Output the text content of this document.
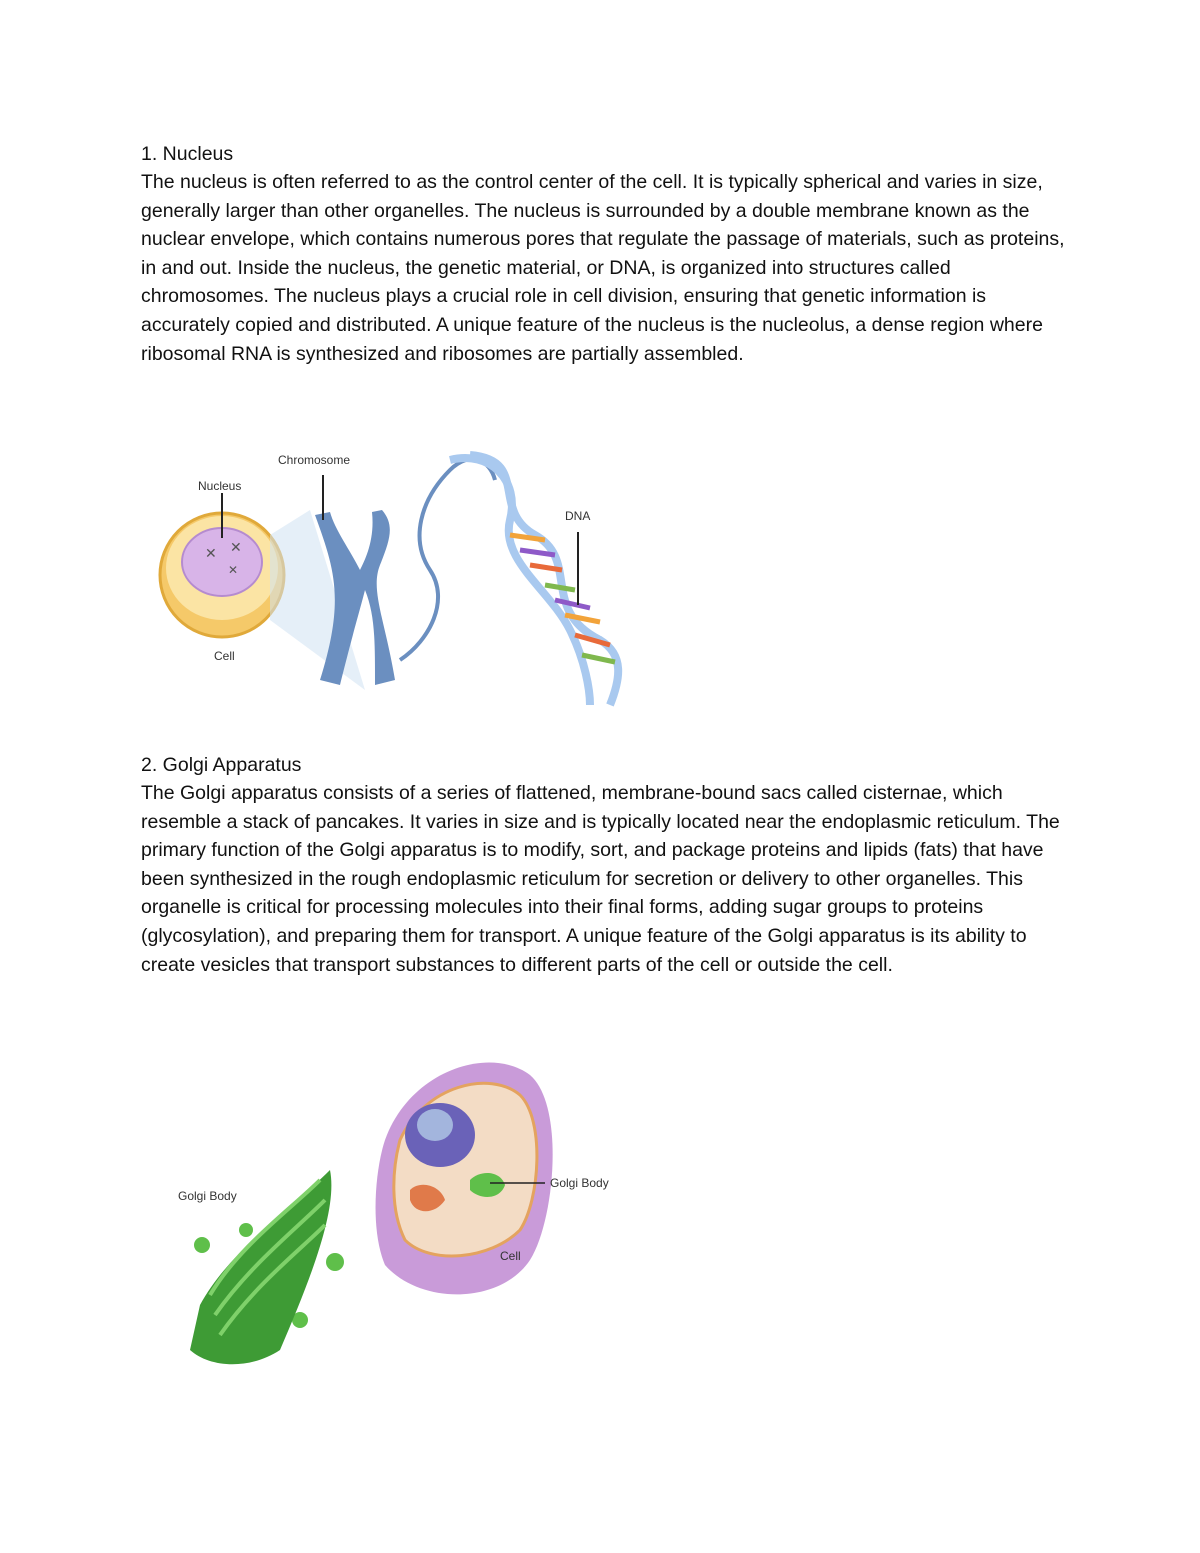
1. Nucleus

The nucleus is often referred to as the control center of the cell. It is typically spherical and varies in size, generally larger than other organelles. The nucleus is surrounded by a double membrane known as the nuclear envelope, which contains numerous pores that regulate the passage of materials, such as proteins, in and out. Inside the nucleus, the genetic material, or DNA, is organized into structures called chromosomes. The nucleus plays a crucial role in cell division, ensuring that genetic information is accurately copied and distributed. A unique feature of the nucleus is the nucleolus, a dense region where ribosomal RNA is synthesized and ribosomes are partially assembled.

✕ ✕
✕
Nucleus
Cell
Chromosome
DNA

2. Golgi Apparatus

The Golgi apparatus consists of a series of flattened, membrane-bound sacs called cisternae, which resemble a stack of pancakes. It varies in size and is typically located near the endoplasmic reticulum. The primary function of the Golgi apparatus is to modify, sort, and package proteins and lipids (fats) that have been synthesized in the rough endoplasmic reticulum for secretion or delivery to other organelles. This organelle is critical for processing molecules into their final forms, adding sugar groups to proteins (glycosylation), and preparing them for transport. A unique feature of the Golgi apparatus is its ability to create vesicles that transport substances to different parts of the cell or outside the cell.

Golgi Body
Golgi Body
Cell
